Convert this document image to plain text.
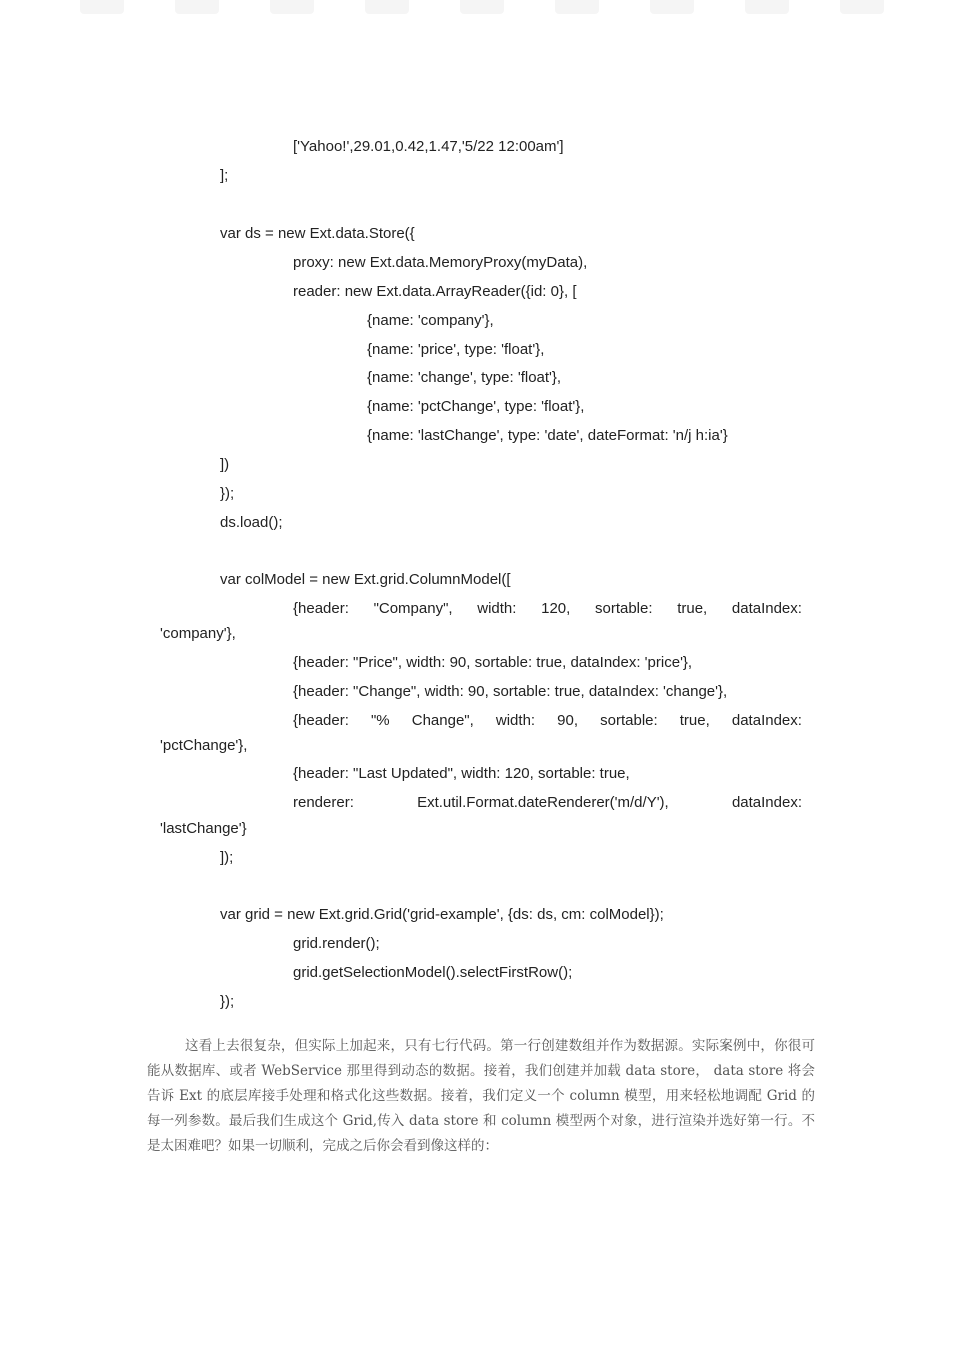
['Yahoo!',29.01,0.42,1.47,'5/22 12:00am']
];
var ds = new Ext.data.Store({
proxy: new Ext.data.MemoryProxy(myData),
reader: new Ext.data.ArrayReader({id: 0}, [
{name: 'company'},
{name: 'price', type: 'float'},
{name: 'change', type: 'float'},
{name: 'pctChange', type: 'float'},
{name: 'lastChange', type: 'date', dateFormat: 'n/j h:ia'}
])
});
ds.load();
var colModel = new Ext.grid.ColumnModel([
{header: "Company", width: 120, sortable: true, dataIndex:
'company'},
{header: "Price", width: 90, sortable: true, dataIndex: 'price'},
{header: "Change", width: 90, sortable: true, dataIndex: 'change'},
{header: "% Change", width: 90, sortable: true, dataIndex:
'pctChange'},
{header: "Last Updated", width: 120, sortable: true,
renderer:	Ext.util.Format.dateRenderer('m/d/Y'),	dataIndex:
'lastChange'}
]);
var grid = new Ext.grid.Grid('grid-example', {ds: ds, cm: colModel});
grid.render();
grid.getSelectionModel().selectFirstRow();
});
这看上去很复杂，但实际上加起来，只有七行代码。第一行创建数组并作为数据源。实际案例中，你很可能从数据库、或者 WebService 那里得到动态的数据。接着，我们创建并加载 data store， data store 将会告诉 Ext 的底层库接手处理和格式化这些数据。接着，我们定义一个 column 模型，用来轻松地调配 Grid 的每一列参数。最后我们生成这个 Grid,传入 data store 和 column 模型两个对象，进行渲染并选好第一行。不是太困难吧？如果一切顺利，完成之后你会看到像这样的：
